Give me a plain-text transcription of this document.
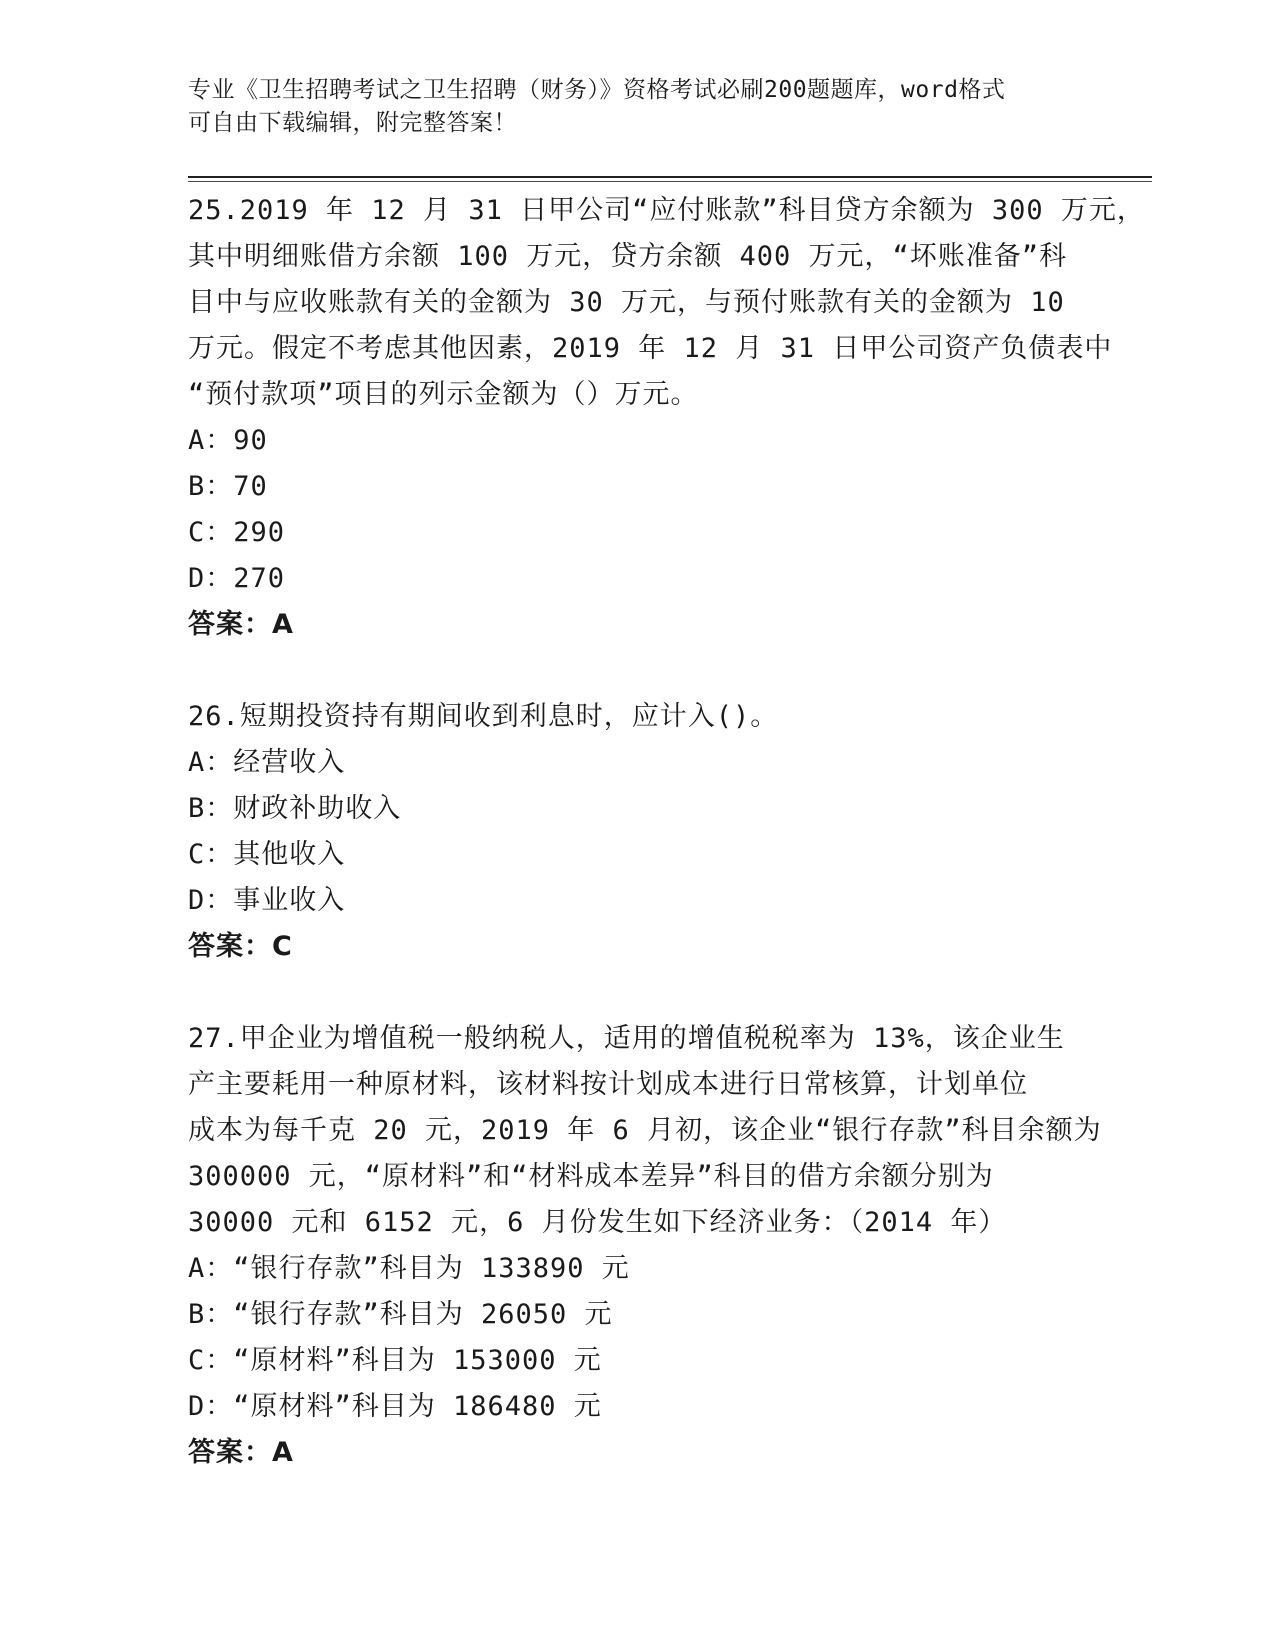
专业《卫生招聘考试之卫生招聘（财务）》资格考试必刷200题题库，word格式
可自由下载编辑，附完整答案！
25.2019 年 12 月 31 日甲公司“应付账款”科目贷方余额为 300 万元，
其中明细账借方余额 100 万元，贷方余额 400 万元，“坏账准备”科
目中与应收账款有关的金额为 30 万元，与预付账款有关的金额为 10
万元。假定不考虑其他因素，2019 年 12 月 31 日甲公司资产负债表中
“预付款项”项目的列示金额为（）万元。
A：90
B：70
C：290
D：270
答案：A
26.短期投资持有期间收到利息时，应计入()。
A：经营收入
B：财政补助收入
C：其他收入
D：事业收入
答案：C
27.甲企业为增值税一般纳税人，适用的增值税税率为 13%，该企业生
产主要耗用一种原材料，该材料按计划成本进行日常核算，计划单位
成本为每千克 20 元，2019 年 6 月初，该企业“银行存款”科目余额为
300000 元，“原材料”和“材料成本差异”科目的借方余额分别为
30000 元和 6152 元，6 月份发生如下经济业务：（2014 年）
A：“银行存款”科目为 133890 元
B：“银行存款”科目为 26050 元
C：“原材料”科目为 153000 元
D：“原材料”科目为 186480 元
答案：A
